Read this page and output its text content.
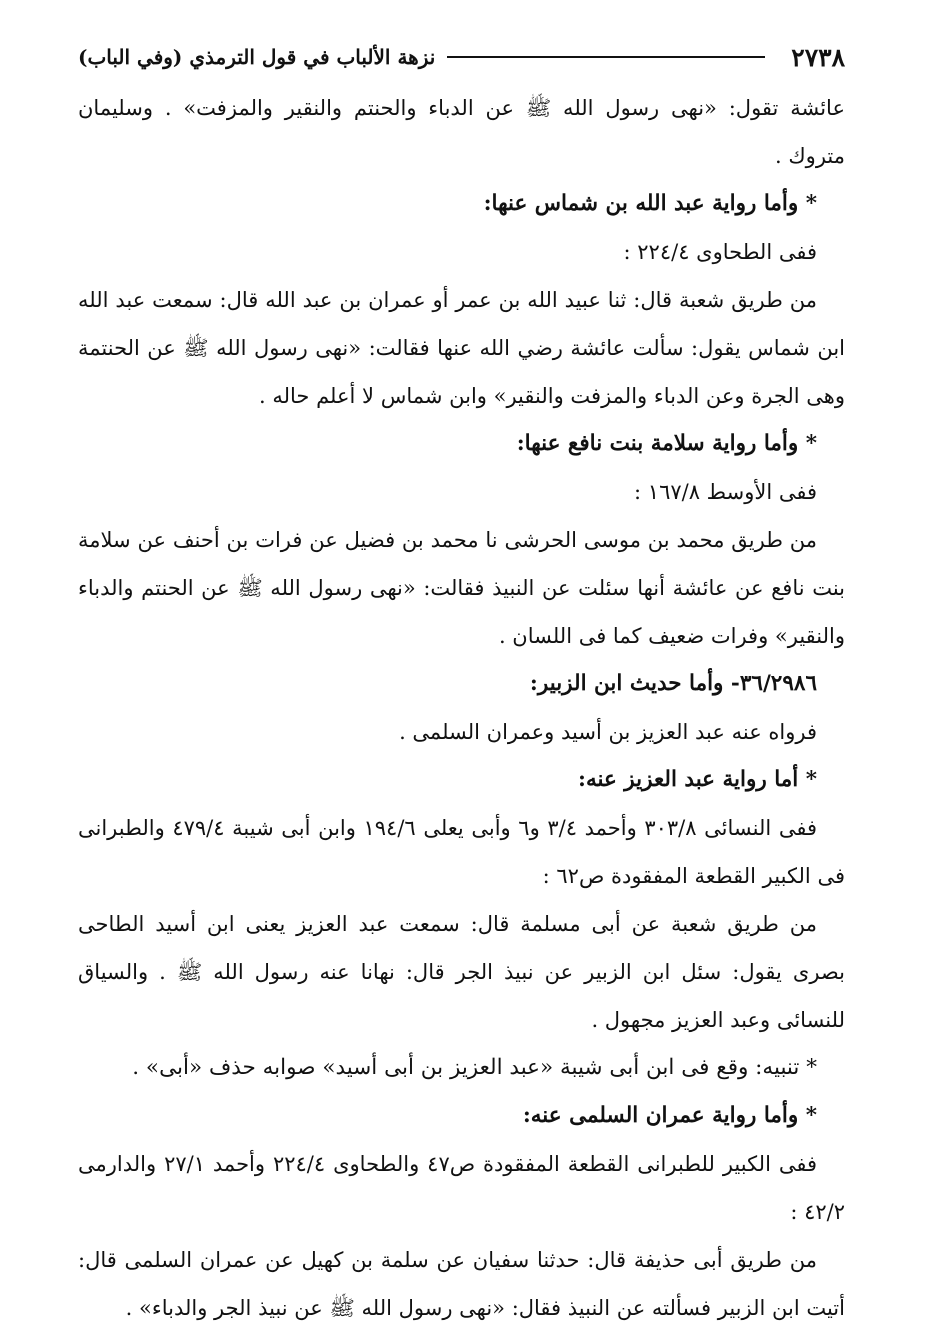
٢٧٣٨
نزهة الألباب في قول الترمذي (وفي الباب)

عائشة تقول: «نهى رسول الله ﷺ عن الدباء والحنتم والنقير والمزفت» . وسليمان متروك .

* وأما رواية عبد الله بن شماس عنها:

ففى الطحاوى ٢٢٤/٤ :

من طريق شعبة قال: ثنا عبيد الله بن عمر أو عمران بن عبد الله قال: سمعت عبد الله ابن شماس يقول: سألت عائشة رضي الله عنها فقالت: «نهى رسول الله ﷺ عن الحنتمة وهى الجرة وعن الدباء والمزفت والنقير» وابن شماس لا أعلم حاله .

* وأما رواية سلامة بنت نافع عنها:

ففى الأوسط ١٦٧/٨ :

من طريق محمد بن موسى الحرشى نا محمد بن فضيل عن فرات بن أحنف عن سلامة بنت نافع عن عائشة أنها سئلت عن النبيذ فقالت: «نهى رسول الله ﷺ عن الحنتم والدباء والنقير» وفرات ضعيف كما فى اللسان .

٣٦/٢٩٨٦- وأما حديث ابن الزبير:

فرواه عنه عبد العزيز بن أسيد وعمران السلمى .

* أما رواية عبد العزيز عنه:

ففى النسائى ٣٠٣/٨ وأحمد ٣/٤ و٦ وأبى يعلى ١٩٤/٦ وابن أبى شيبة ٤٧٩/٤ والطبرانى فى الكبير القطعة المفقودة ص٦٢ :

من طريق شعبة عن أبى مسلمة قال: سمعت عبد العزيز يعنى ابن أسيد الطاحى بصرى يقول: سئل ابن الزبير عن نبيذ الجر قال: نهانا عنه رسول الله ﷺ . والسياق للنسائى وعبد العزيز مجهول .

* تنبيه: وقع فى ابن أبى شيبة «عبد العزيز بن أبى أسيد» صوابه حذف «أبى» .

* وأما رواية عمران السلمى عنه:

ففى الكبير للطبرانى القطعة المفقودة ص٤٧ والطحاوى ٢٢٤/٤ وأحمد ٢٧/١ والدارمى ٤٢/٢ :

من طريق أبى حذيفة قال: حدثنا سفيان عن سلمة بن كهيل عن عمران السلمى قال: أتيت ابن الزبير فسألته عن النبيذ فقال: «نهى رسول الله ﷺ عن نبيذ الجر والدباء» .
